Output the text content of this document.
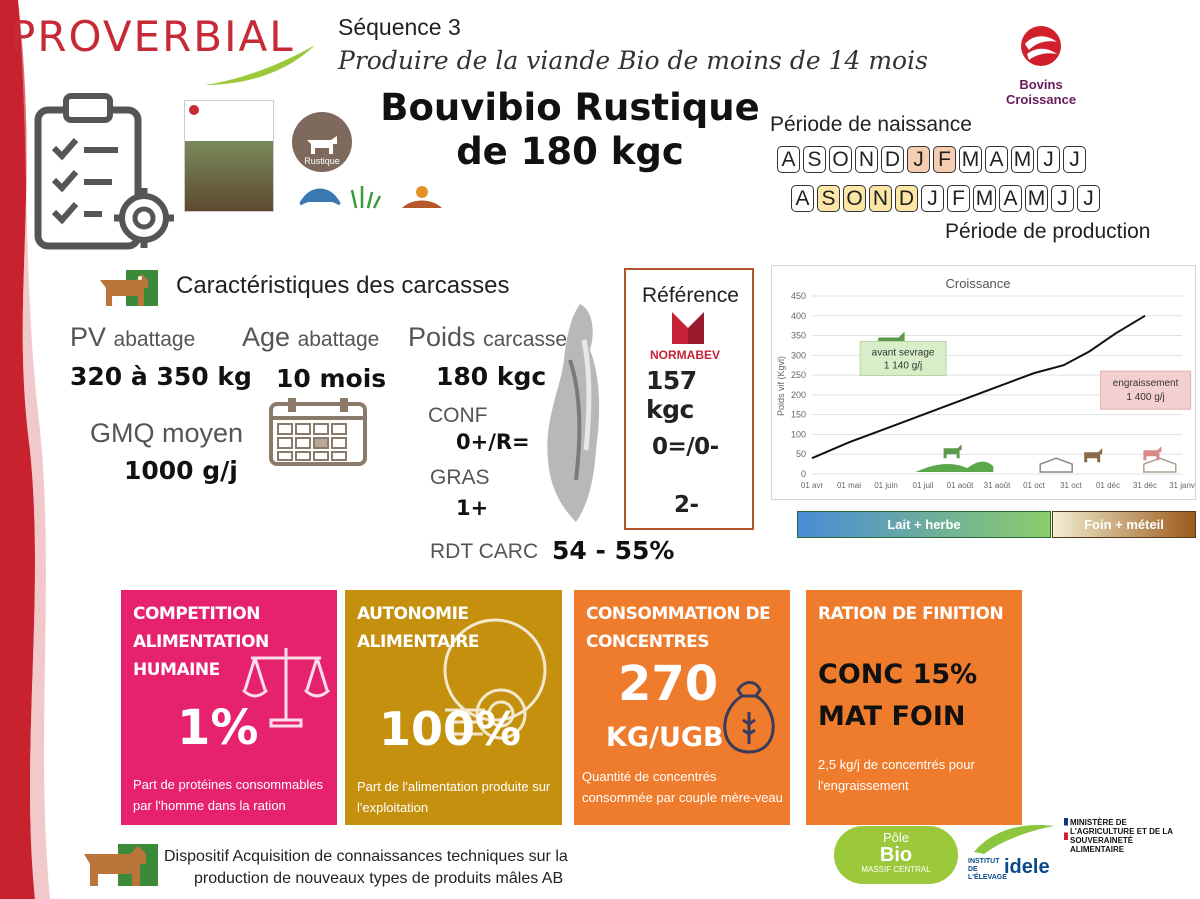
PROVERBIAL Séquence 3
Produire de la viande Bio de moins de 14 mois
Rustique
Bouvibio Rustique
de 180 kgc
Bovins Croissance
Période de naissance
A S O N D J F M A M J J
A S O N D J F M A M J J
Période de production
Caractéristiques des carcasses
PV abattage
320 à 350 kg
Age abattage
10 mois
Poids carcasse
180 kgc
GMQ moyen
1000 g/j
CONF
0+/R=
GRAS
1+
RDT CARC 54 - 55%
Référence
NORMABEV
157 kgc
0=/0-
2-
Croissance
0
50
100
150
200
250
300
350
400
450
01 avr 01 mai 01 juin 01 juil 01 août 31 août 01 oct 31 oct 01 déc 31 déc 31 janv
Poids vif (Kgvl)
avant sevrage
1 140 g/j
engraissement
1 400 g/j
Lait + herbe	Foin + méteil
COMPETITION ALIMENTATION HUMAINE
1%
Part de protéines consommables par l'homme dans la ration
AUTONOMIE ALIMENTAIRE
100%
Part de l'alimentation produite sur l'exploitation
CONSOMMATION DE CONCENTRES
270
KG/UGB
Quantité de concentrés consommée par couple mère-veau
RATION DE FINITION
CONC 15% MAT FOIN
2,5 kg/j de concentrés pour l'engraissement
Dispositif Acquisition de connaissances techniques sur la
production de nouveaux types de produits mâles AB
Pôle
Bio
MASSIF CENTRAL
INSTITUT DE L'ÉLEVAGE
idele
MINISTÈRE DE L'AGRICULTURE ET DE LA SOUVERAINETÉ ALIMENTAIRE
